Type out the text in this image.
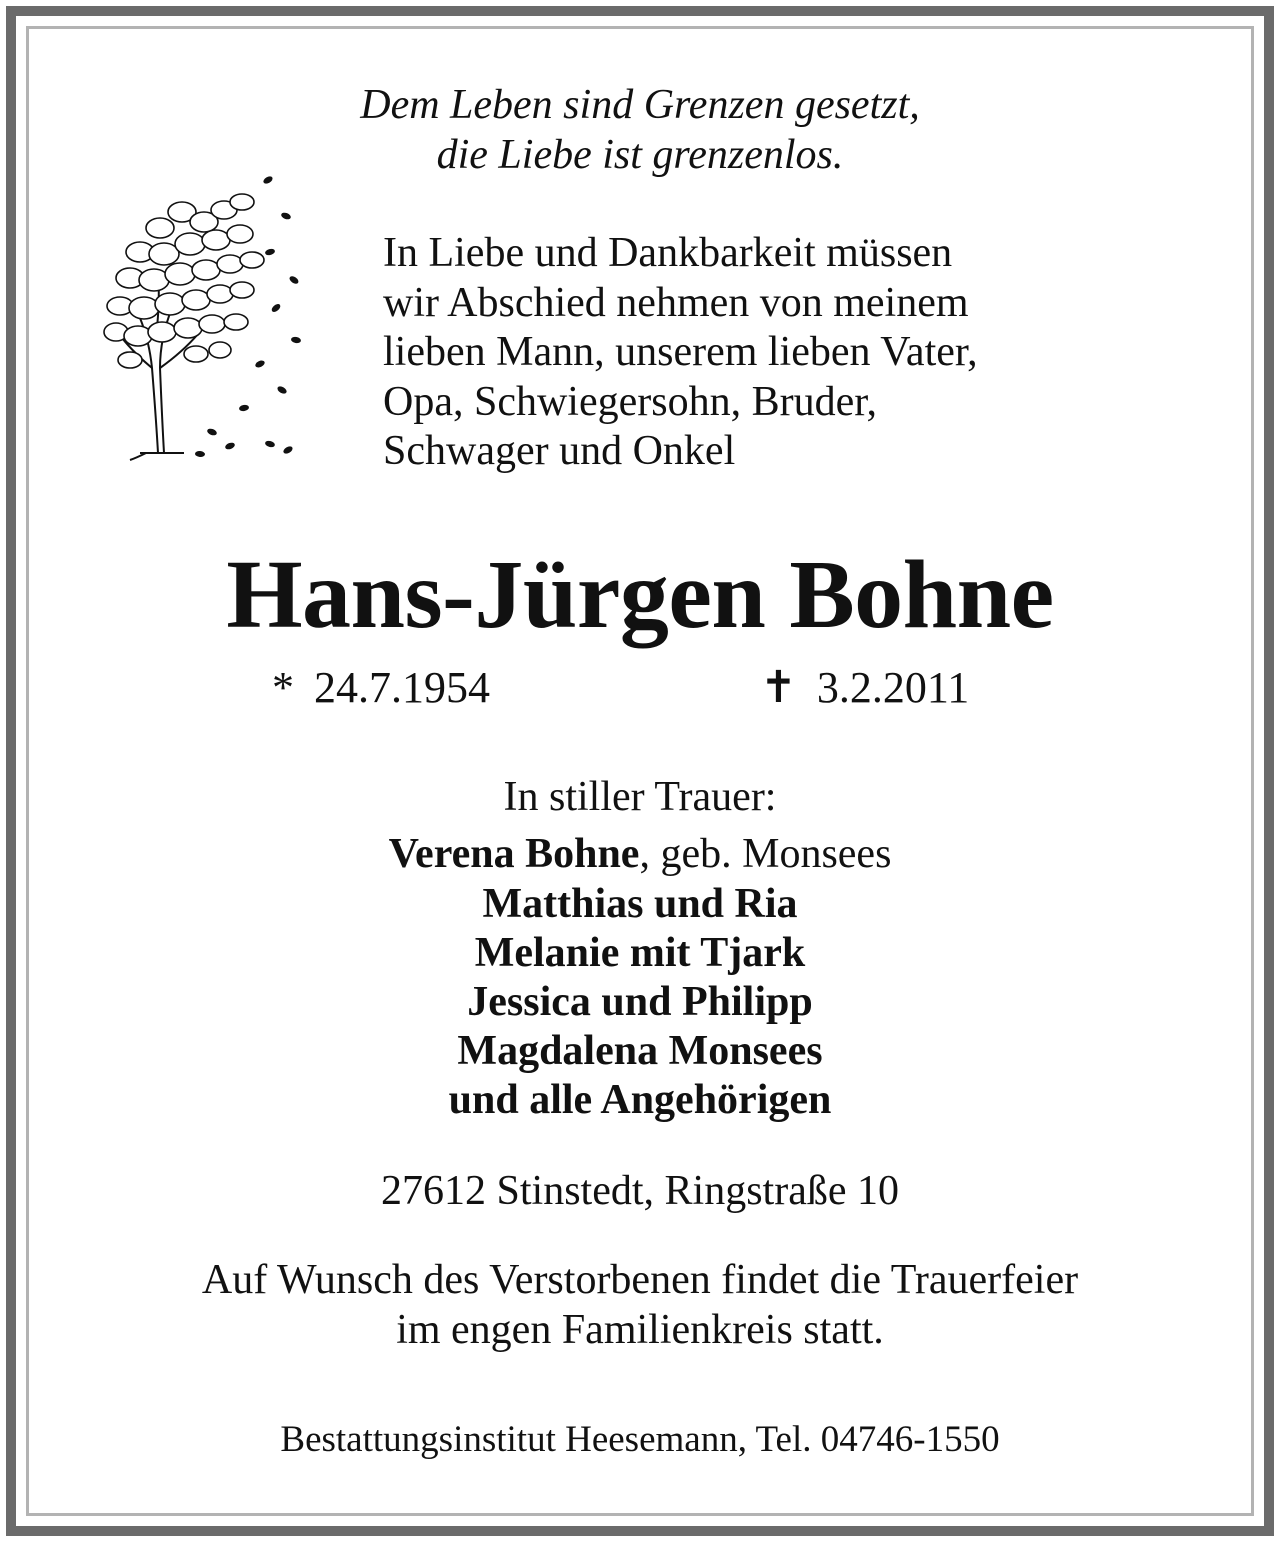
Dem Leben sind Grenzen gesetzt,

die Liebe ist grenzenlos.

In Liebe und Dankbarkeit müssen
wir Abschied nehmen von meinem
lieben Mann, unserem lieben Vater,
Opa, Schwiegersohn, Bruder,
Schwager und Onkel

Hans-Jürgen Bohne

* 24.7.1954	✝ 3.2.2011

In stiller Trauer:

Verena Bohne, geb. Monsees

Matthias und Ria

Melanie mit Tjark

Jessica und Philipp

Magdalena Monsees

und alle Angehörigen

27612 Stinstedt, Ringstraße 10

Auf Wunsch des Verstorbenen findet die Trauerfeier

im engen Familienkreis statt.

Bestattungsinstitut Heesemann, Tel. 04746-1550
